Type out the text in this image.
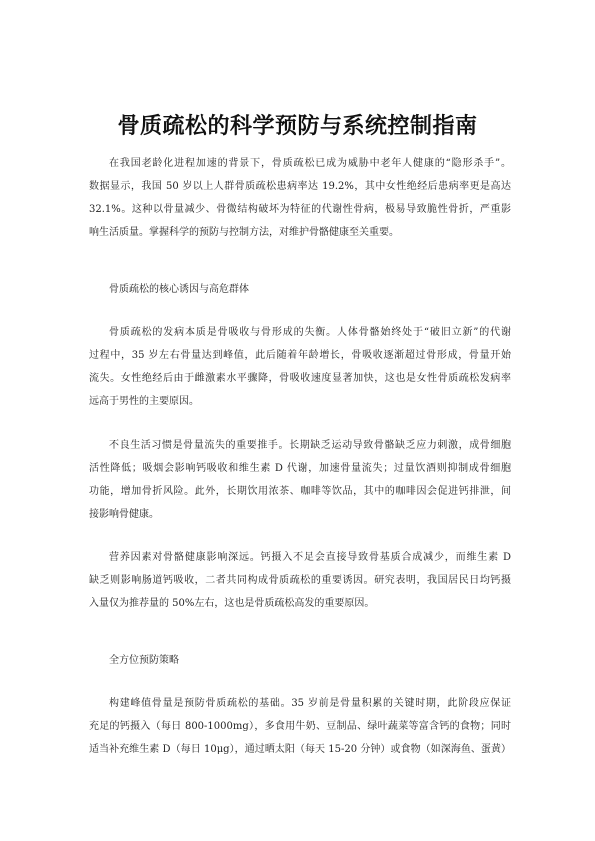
骨质疏松的科学预防与系统控制指南

在我国老龄化进程加速的背景下，骨质疏松已成为威胁中老年人健康的“隐形杀手”。
数据显示，我国 50 岁以上人群骨质疏松患病率达 19.2%，其中女性绝经后患病率更是高达
32.1%。这种以骨量减少、骨微结构破坏为特征的代谢性骨病，极易导致脆性骨折，严重影
响生活质量。掌握科学的预防与控制方法，对维护骨骼健康至关重要。

骨质疏松的核心诱因与高危群体

骨质疏松的发病本质是骨吸收与骨形成的失衡。人体骨骼始终处于“破旧立新”的代谢
过程中，35 岁左右骨量达到峰值，此后随着年龄增长，骨吸收逐渐超过骨形成，骨量开始
流失。女性绝经后由于雌激素水平骤降，骨吸收速度显著加快，这也是女性骨质疏松发病率
远高于男性的主要原因。

不良生活习惯是骨量流失的重要推手。长期缺乏运动导致骨骼缺乏应力刺激，成骨细胞
活性降低；吸烟会影响钙吸收和维生素 D 代谢，加速骨量流失；过量饮酒则抑制成骨细胞
功能，增加骨折风险。此外，长期饮用浓茶、咖啡等饮品，其中的咖啡因会促进钙排泄，间
接影响骨健康。

营养因素对骨骼健康影响深远。钙摄入不足会直接导致骨基质合成减少，而维生素 D
缺乏则影响肠道钙吸收，二者共同构成骨质疏松的重要诱因。研究表明，我国居民日均钙摄
入量仅为推荐量的 50%左右，这也是骨质疏松高发的重要原因。

全方位预防策略

构建峰值骨量是预防骨质疏松的基础。35 岁前是骨量积累的关键时期，此阶段应保证
充足的钙摄入（每日 800-1000mg），多食用牛奶、豆制品、绿叶蔬菜等富含钙的食物；同时
适当补充维生素 D（每日 10μg），通过晒太阳（每天 15-20 分钟）或食物（如深海鱼、蛋黄）
